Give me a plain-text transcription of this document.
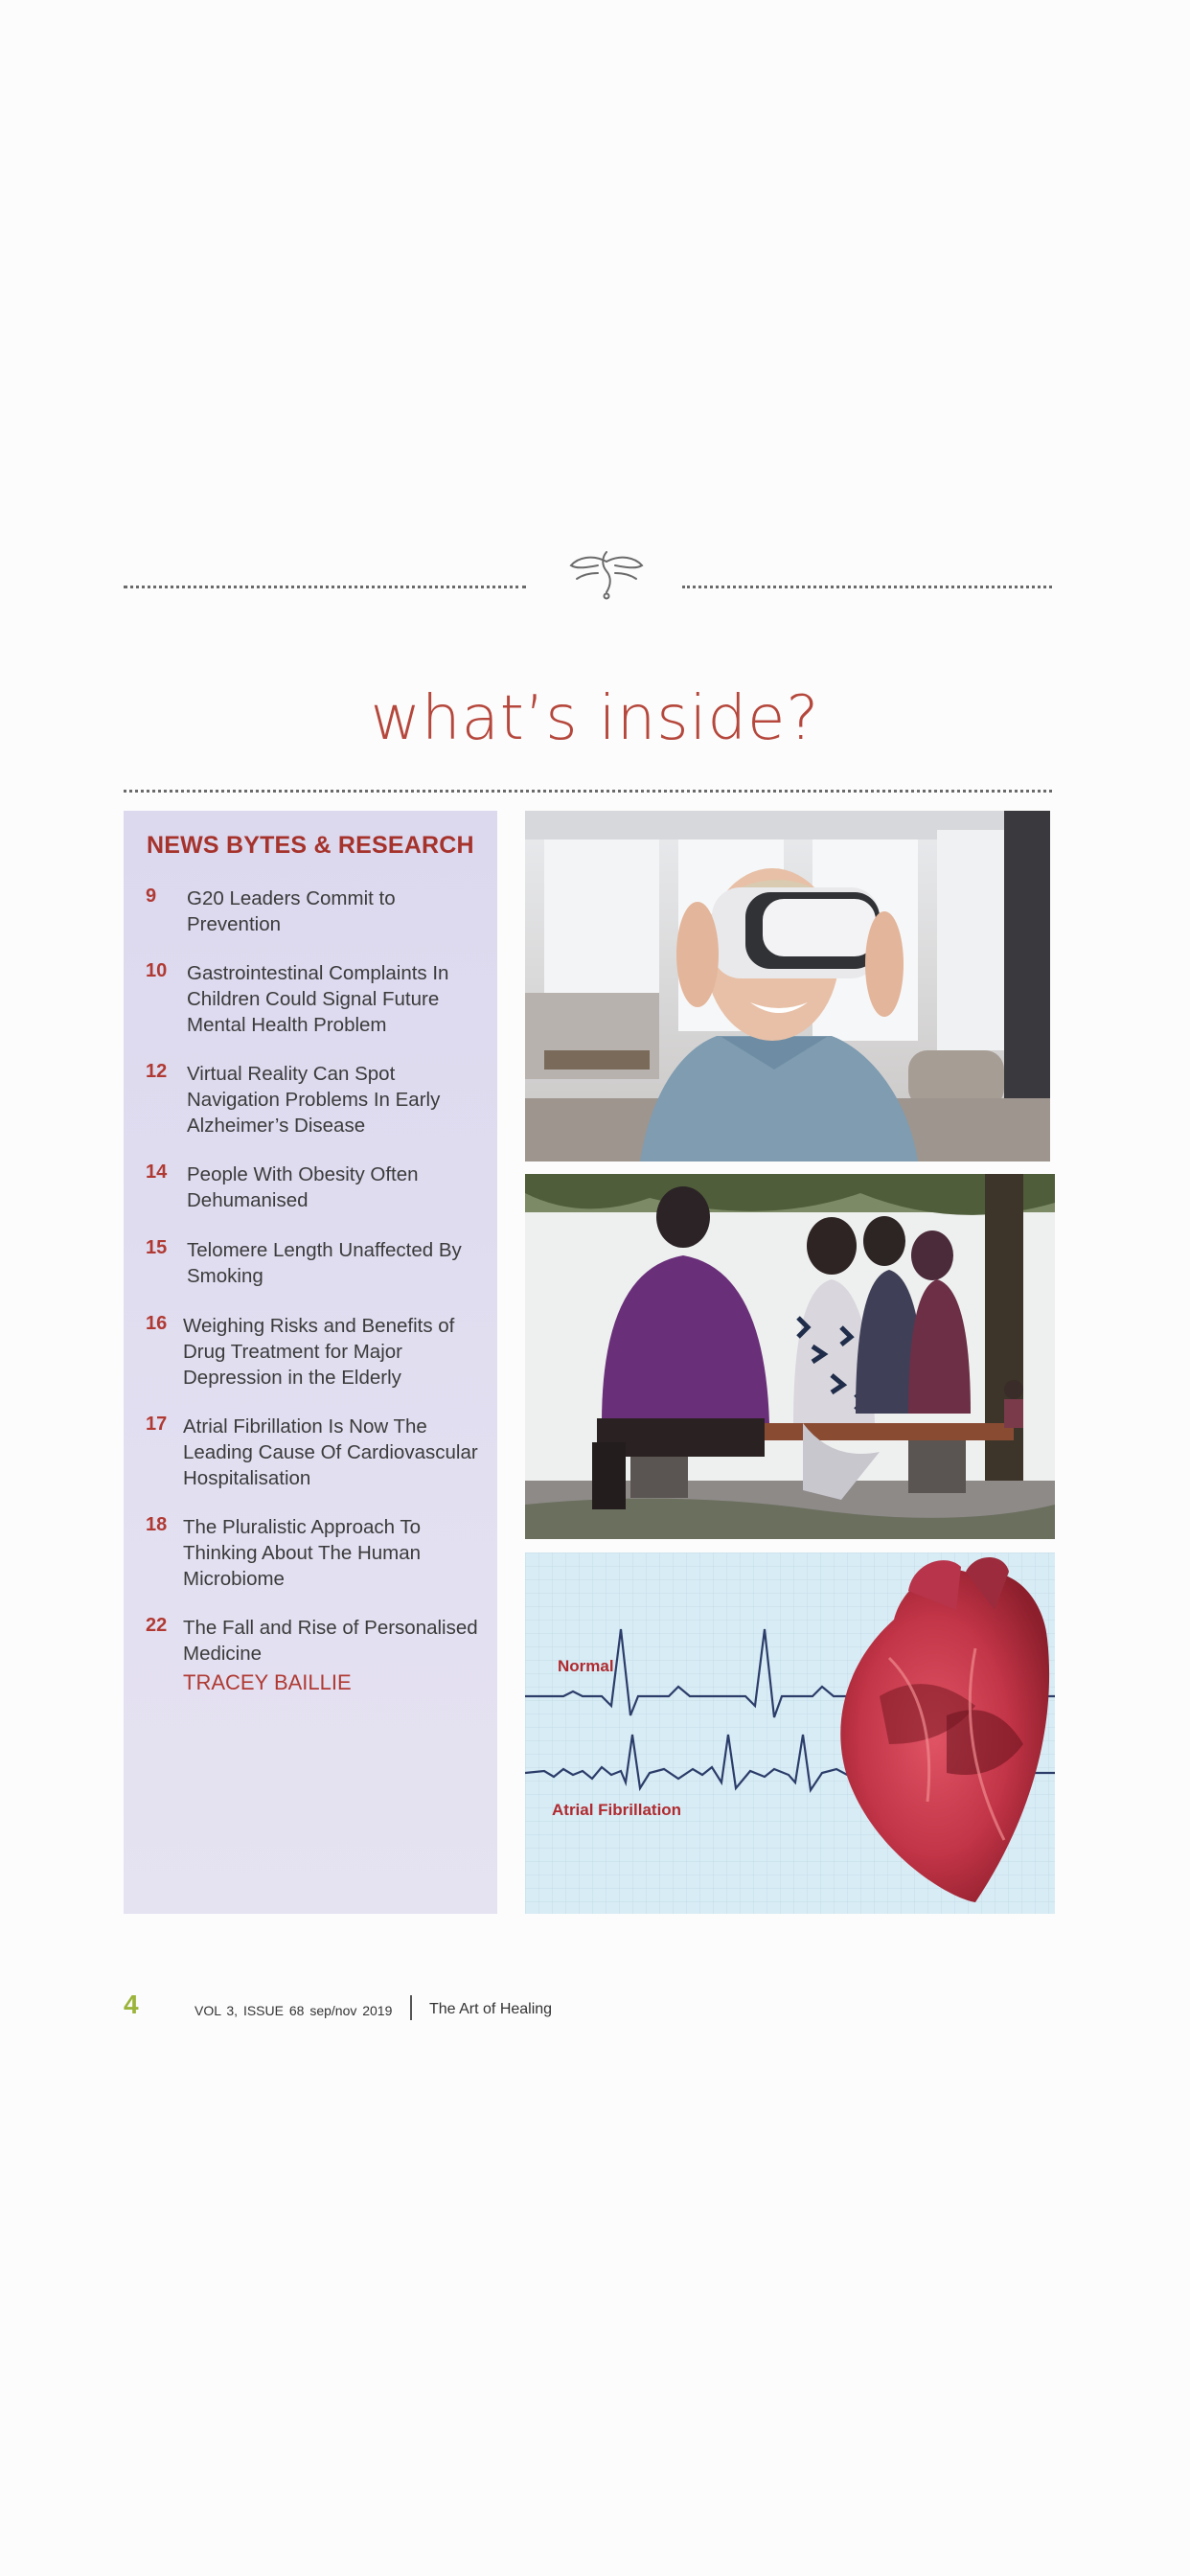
what’s inside?
NEWS BYTES & RESEARCH
9 G20 Leaders Commit to Prevention
10 Gastrointestinal Complaints In Children Could Signal Future Mental Health Problem
12 Virtual Reality Can Spot Navigation Problems In Early Alzheimer’s Disease
14 People With Obesity Often Dehumanised
15 Telomere Length Unaffected By Smoking
16 Weighing Risks and Benefits of Drug Treatment for Major Depression in the Elderly
17 Atrial Fibrillation Is Now The Leading Cause Of Cardiovascular Hospitalisation
18 The Pluralistic Approach To Thinking About The Human Microbiome
22 The Fall and Rise of Personalised Medicine
TRACEY BAILLIE
Normal
Atrial Fibrillation
4	VOL 3, ISSUE 68 sep/nov 2019 The Art of Healing
